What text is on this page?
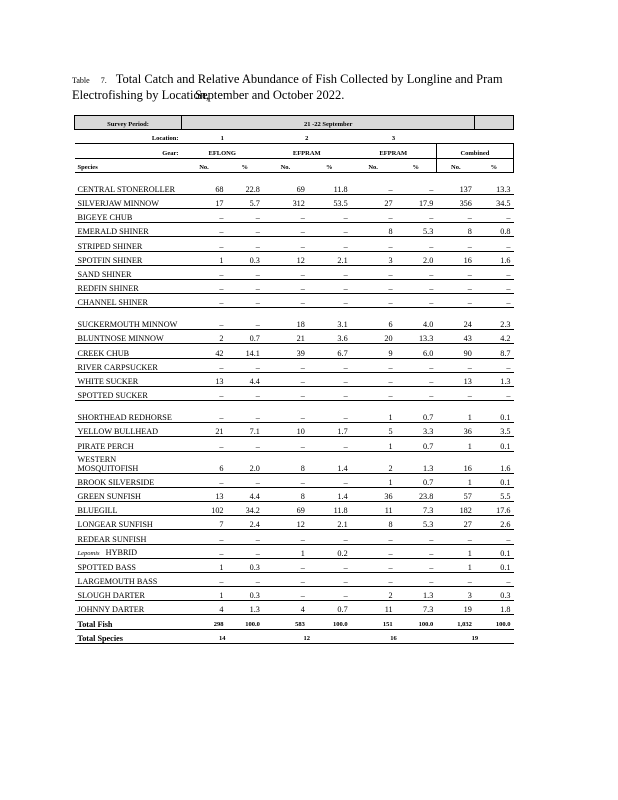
Table 7. Total Catch and Relative Abundance of Fish Collected by Longline and Pram
Electrofishing by Location,September and October 2022.
Survey Period:	21 -22 September							
Location:	1		2		3			
Gear:	EFLONG		EFPRAM		EFPRAM		Combined	
Species	No.	%	No.	%	No.	%	No.	%
CENTRAL STONEROLLER	68	22.8	69	11.8	–	–	137	13.3
SILVERJAW MINNOW	17	5.7	312	53.5	27	17.9	356	34.5
BIGEYE CHUB	–	–	–	–	–	–	–	–
EMERALD SHINER	–	–	–	–	8	5.3	8	0.8
STRIPED SHINER	–	–	–	–	–	–	–	–
SPOTFIN SHINER	1	0.3	12	2.1	3	2.0	16	1.6
SAND SHINER	–	–	–	–	–	–	–	–
REDFIN SHINER	–	–	–	–	–	–	–	–
CHANNEL SHINER	–	–	–	–	–	–	–	–
SUCKERMOUTH MINNOW	–	–	18	3.1	6	4.0	24	2.3
BLUNTNOSE MINNOW	2	0.7	21	3.6	20	13.3	43	4.2
CREEK CHUB	42	14.1	39	6.7	9	6.0	90	8.7
RIVER CARPSUCKER	–	–	–	–	–	–	–	–
WHITE SUCKER	13	4.4	–	–	–	–	13	1.3
SPOTTED SUCKER	–	–	–	–	–	–	–	–
SHORTHEAD REDHORSE	–	–	–	–	1	0.7	1	0.1
YELLOW BULLHEAD	21	7.1	10	1.7	5	3.3	36	3.5
PIRATE PERCH	–	–	–	–	1	0.7	1	0.1
WESTERN MOSQUITOFISH	6	2.0	8	1.4	2	1.3	16	1.6
BROOK SILVERSIDE	–	–	–	–	1	0.7	1	0.1
GREEN SUNFISH	13	4.4	8	1.4	36	23.8	57	5.5
BLUEGILL	102	34.2	69	11.8	11	7.3	182	17.6
LONGEAR SUNFISH	7	2.4	12	2.1	8	5.3	27	2.6
REDEAR SUNFISH	–	–	–	–	–	–	–	–
Lepomis HYBRID	–	–	1	0.2	–	–	1	0.1
SPOTTED BASS	1	0.3	–	–	–	–	1	0.1
LARGEMOUTH BASS	–	–	–	–	–	–	–	–
SLOUGH DARTER	1	0.3	–	–	2	1.3	3	0.3
JOHNNY DARTER	4	1.3	4	0.7	11	7.3	19	1.8
Total Fish	298	100.0	583	100.0	151	100.0	1,032	100.0
Total Species	14		12		16		19	
